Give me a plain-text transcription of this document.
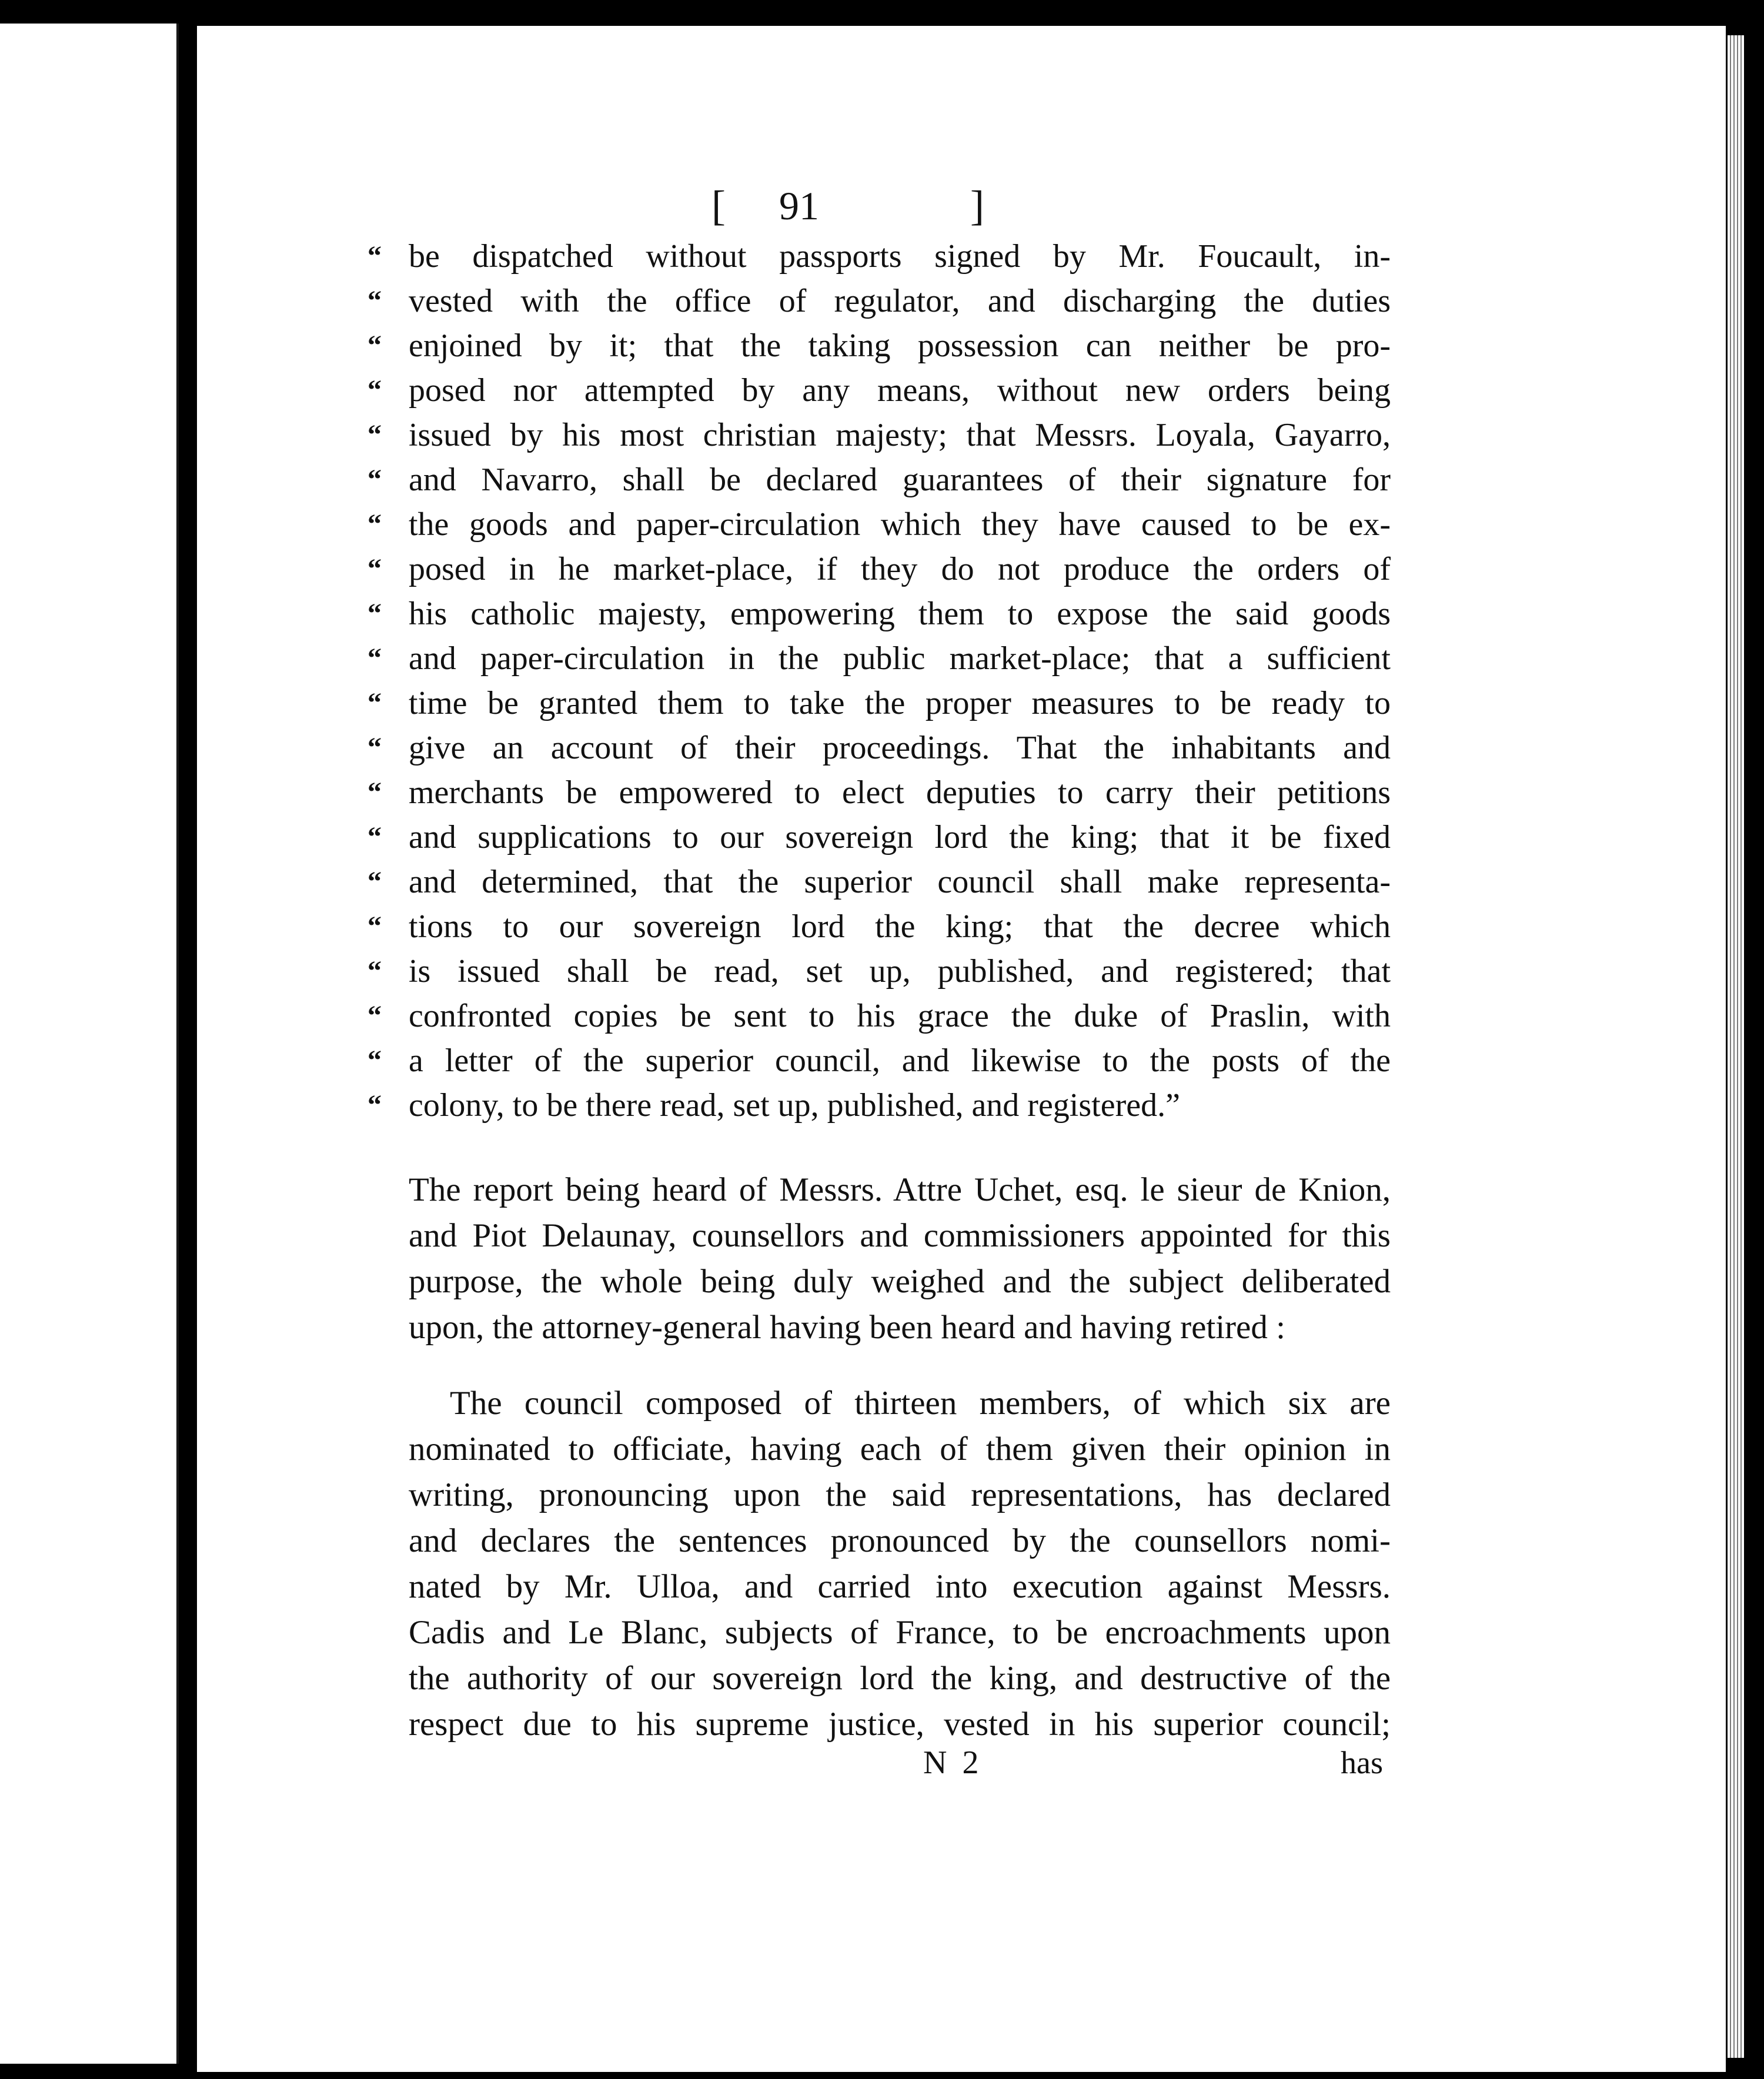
[ 91	]
“ be dispatched without passports signed by Mr. Foucault, in-
“ vested with the office of regulator, and discharging the duties
“ enjoined by it; that the taking possession can neither be pro-
“ posed nor attempted by any means, without new orders being
“ issued by his most christian majesty; that Messrs. Loyala, Gayarro,
“ and Navarro, shall be declared guarantees of their signature for
“ the goods and paper-circulation which they have caused to be ex-
“ posed in he market-place, if they do not produce the orders of
“ his catholic majesty, empowering them to expose the said goods
“ and paper-circulation in the public market-place; that a sufficient
“ time be granted them to take the proper measures to be ready to
“ give an account of their proceedings. That the inhabitants and
“ merchants be empowered to elect deputies to carry their petitions
“ and supplications to our sovereign lord the king; that it be fixed
“ and determined, that the superior council shall make representa-
“ tions to our sovereign lord the king; that the decree which
“ is issued shall be read, set up, published, and registered; that
“ confronted copies be sent to his grace the duke of Praslin, with
“ a letter of the superior council, and likewise to the posts of the
“ colony, to be there read, set up, published, and registered.”
The report being heard of Messrs. Attre Uchet, esq. le sieur de Knion,
and Piot Delaunay, counsellors and commissioners appointed for this
purpose, the whole being duly weighed and the subject deliberated
upon, the attorney-general having been heard and having retired :
The council composed of thirteen members, of which six are
nominated to officiate, having each of them given their opinion in
writing, pronouncing upon the said representations, has declared
and declares the sentences pronounced by the counsellors nomi-
nated by Mr. Ulloa, and carried into execution against Messrs.
Cadis and Le Blanc, subjects of France, to be encroachments upon
the authority of our sovereign lord the king, and destructive of the
respect due to his supreme justice, vested in his superior council;
N 2	has
